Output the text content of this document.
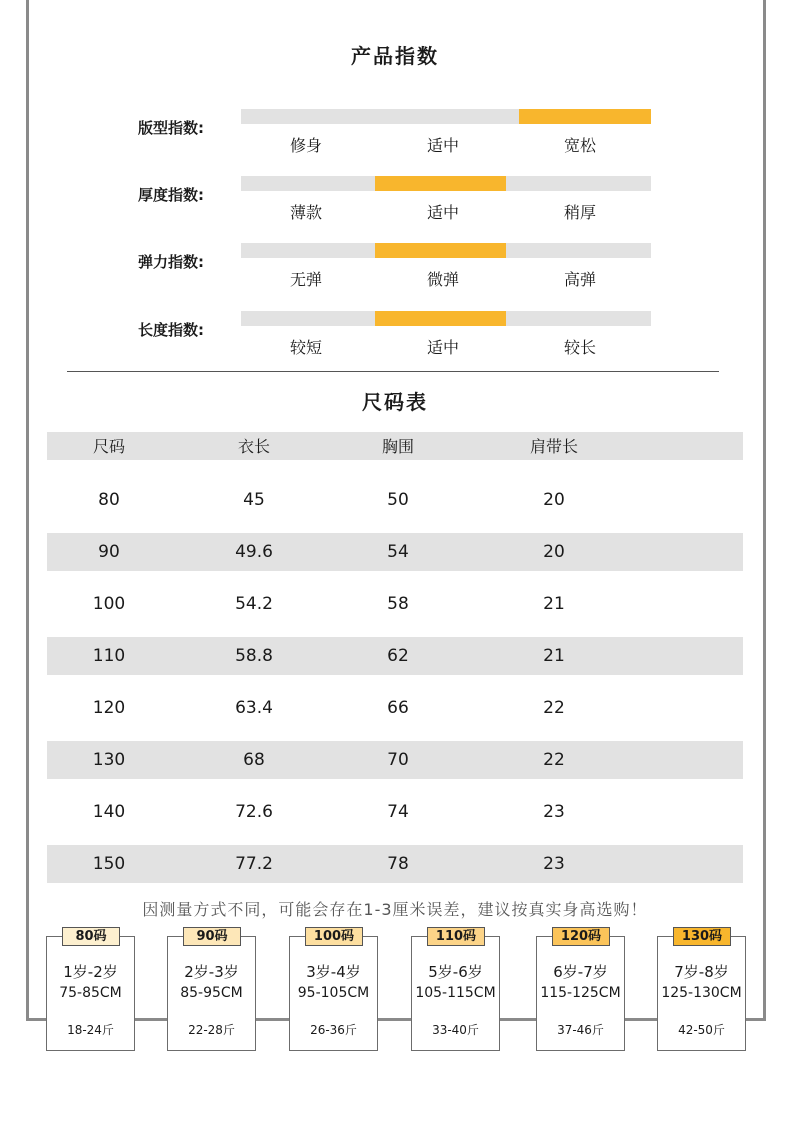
产品指数
版型指数:
修身	适中	宽松
厚度指数:
薄款	适中	稍厚
弹力指数:
无弹	微弹	高弹
长度指数:
较短	适中	较长
尺码表
尺码	衣长	胸围	肩带长
80	45	50	20
90	49.6	54	20
100	54.2	58	21
110	58.8	62	21
120	63.4	66	22
130	68	70	22
140	72.6	74	23
150	77.2	78	23
因测量方式不同，可能会存在1-3厘米误差，建议按真实身高选购！
80码
1岁-2岁
75-85CM
18-24斤
90码
2岁-3岁
85-95CM
22-28斤
100码
3岁-4岁
95-105CM
26-36斤
110码
5岁-6岁
105-115CM
33-40斤
120码
6岁-7岁
115-125CM
37-46斤
130码
7岁-8岁
125-130CM
42-50斤
